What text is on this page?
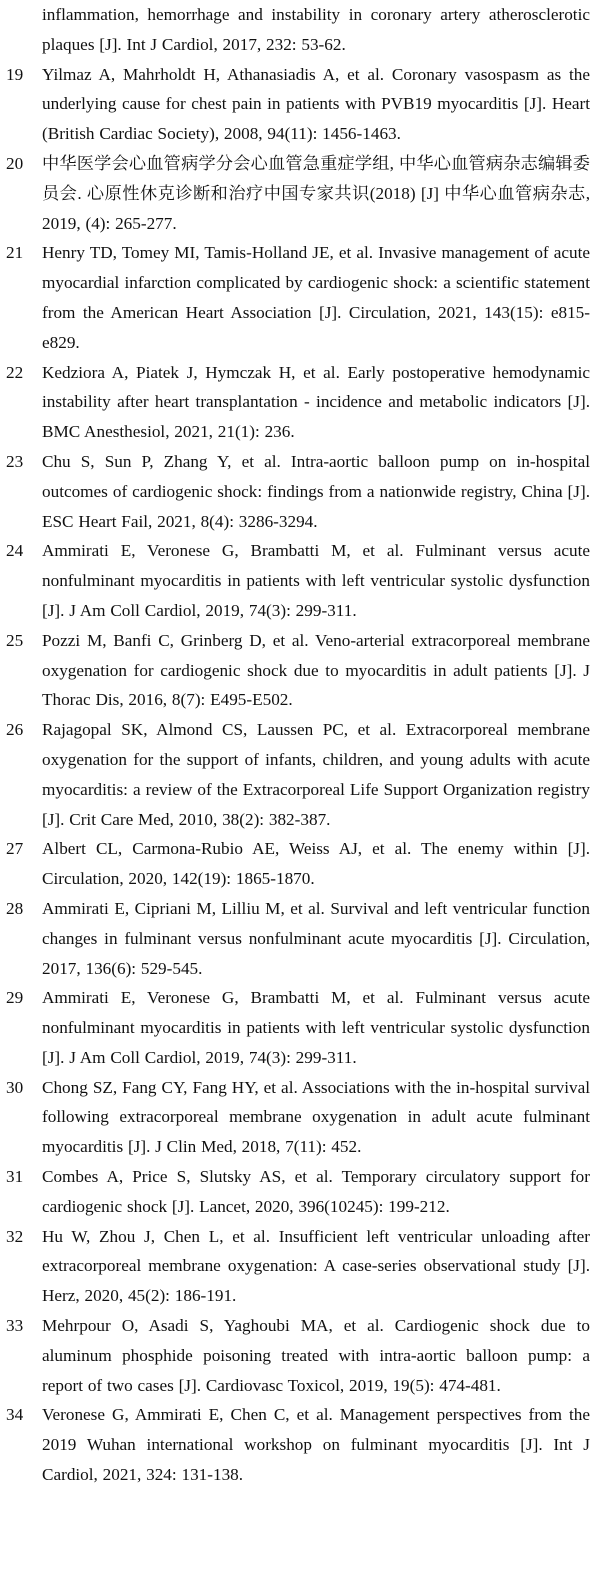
inflammation, hemorrhage and instability in coronary artery atherosclerotic plaques [J]. Int J Cardiol, 2017, 232: 53-62.
19 Yilmaz A, Mahrholdt H, Athanasiadis A, et al. Coronary vasospasm as the underlying cause for chest pain in patients with PVB19 myocarditis [J]. Heart (British Cardiac Society), 2008, 94(11): 1456-1463.
20 中华医学会心血管病学分会心血管急重症学组, 中华心血管病杂志编辑委员会. 心原性休克诊断和治疗中国专家共识(2018) [J] 中华心血管病杂志, 2019, (4): 265-277.
21 Henry TD, Tomey MI, Tamis-Holland JE, et al. Invasive management of acute myocardial infarction complicated by cardiogenic shock: a scientific statement from the American Heart Association [J]. Circulation, 2021, 143(15): e815-e829.
22 Kedziora A, Piatek J, Hymczak H, et al. Early postoperative hemodynamic instability after heart transplantation - incidence and metabolic indicators [J]. BMC Anesthesiol, 2021, 21(1): 236.
23 Chu S, Sun P, Zhang Y, et al. Intra-aortic balloon pump on in-hospital outcomes of cardiogenic shock: findings from a nationwide registry, China [J]. ESC Heart Fail, 2021, 8(4): 3286-3294.
24 Ammirati E, Veronese G, Brambatti M, et al. Fulminant versus acute nonfulminant myocarditis in patients with left ventricular systolic dysfunction [J]. J Am Coll Cardiol, 2019, 74(3): 299-311.
25 Pozzi M, Banfi C, Grinberg D, et al. Veno-arterial extracorporeal membrane oxygenation for cardiogenic shock due to myocarditis in adult patients [J]. J Thorac Dis, 2016, 8(7): E495-E502.
26 Rajagopal SK, Almond CS, Laussen PC, et al. Extracorporeal membrane oxygenation for the support of infants, children, and young adults with acute myocarditis: a review of the Extracorporeal Life Support Organization registry [J]. Crit Care Med, 2010, 38(2): 382-387.
27 Albert CL, Carmona-Rubio AE, Weiss AJ, et al. The enemy within [J]. Circulation, 2020, 142(19): 1865-1870.
28 Ammirati E, Cipriani M, Lilliu M, et al. Survival and left ventricular function changes in fulminant versus nonfulminant acute myocarditis [J]. Circulation, 2017, 136(6): 529-545.
29 Ammirati E, Veronese G, Brambatti M, et al. Fulminant versus acute nonfulminant myocarditis in patients with left ventricular systolic dysfunction [J]. J Am Coll Cardiol, 2019, 74(3): 299-311.
30 Chong SZ, Fang CY, Fang HY, et al. Associations with the in-hospital survival following extracorporeal membrane oxygenation in adult acute fulminant myocarditis [J]. J Clin Med, 2018, 7(11): 452.
31 Combes A, Price S, Slutsky AS, et al. Temporary circulatory support for cardiogenic shock [J]. Lancet, 2020, 396(10245): 199-212.
32 Hu W, Zhou J, Chen L, et al. Insufficient left ventricular unloading after extracorporeal membrane oxygenation: A case-series observational study [J]. Herz, 2020, 45(2): 186-191.
33 Mehrpour O, Asadi S, Yaghoubi MA, et al. Cardiogenic shock due to aluminum phosphide poisoning treated with intra-aortic balloon pump: a report of two cases [J]. Cardiovasc Toxicol, 2019, 19(5): 474-481.
34 Veronese G, Ammirati E, Chen C, et al. Management perspectives from the 2019 Wuhan international workshop on fulminant myocarditis [J]. Int J Cardiol, 2021, 324: 131-138.
